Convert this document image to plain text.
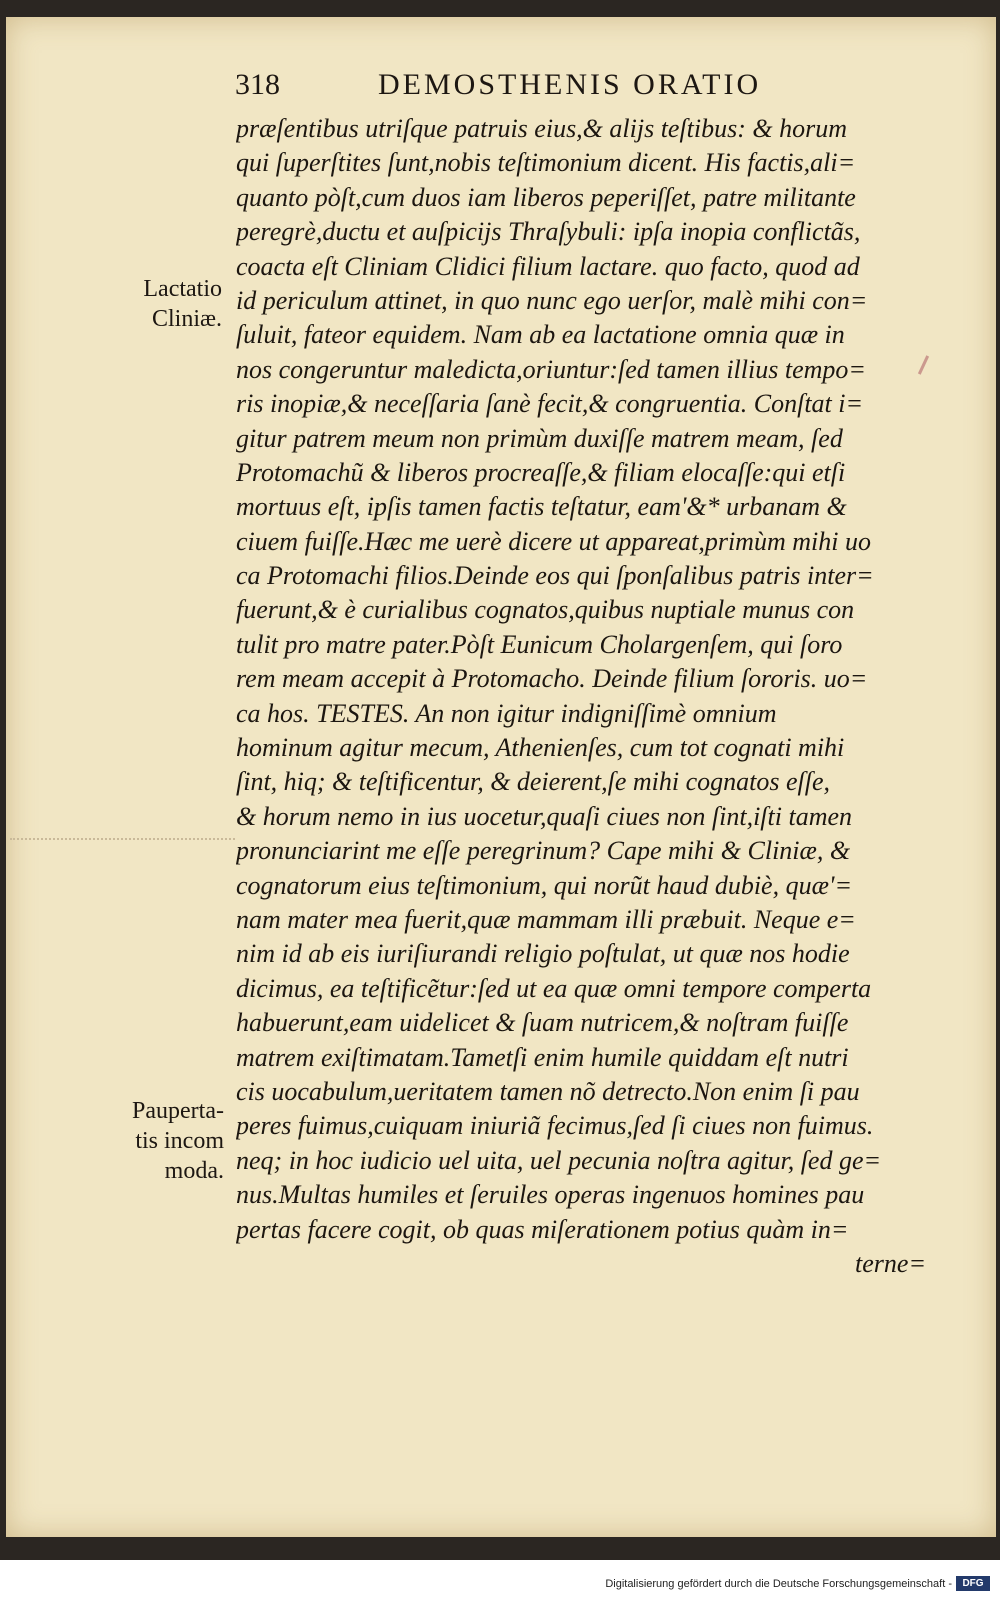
318	DEMOSTHENIS ORATIO
Lactatio
Cliniæ.
Pauperta-
tis incom
moda.
præſentibus utriſque patruis eius,& alijs teſtibus: & horum
qui ſuperſtites ſunt,nobis teſtimonium dicent. His factis,ali=
quanto pòſt,cum duos iam liberos peperiſſet, patre militante
peregrè,ductu et auſpicijs Thraſybuli: ipſa inopia conflictãs,
coacta eſt Cliniam Clidici filium lactare. quo facto, quod ad
id periculum attinet, in quo nunc ego uerſor, malè mihi con=
ſuluit, fateor equidem. Nam ab ea lactatione omnia quæ in
nos congeruntur maledicta,oriuntur:ſed tamen illius tempo=
ris inopiæ,& neceſſaria ſanè fecit,& congruentia. Conſtat i=
gitur patrem meum non primùm duxiſſe matrem meam, ſed
Protomachũ & liberos procreaſſe,& filiam elocaſſe:qui etſi
mortuus eſt, ipſis tamen factis teſtatur, eam'&* urbanam &
ciuem fuiſſe.Hæc me uerè dicere ut appareat,primùm mihi uo
ca Protomachi filios.Deinde eos qui ſponſalibus patris inter=
fuerunt,& è curialibus cognatos,quibus nuptiale munus con
tulit pro matre pater.Pòſt Eunicum Cholargenſem, qui ſoro
rem meam accepit à Protomacho. Deinde filium ſororis. uo=
ca hos. TESTES. An non igitur indigniſſimè omnium
hominum agitur mecum, Athenienſes, cum tot cognati mihi
ſint, hiq; & teſtificentur, & deierent,ſe mihi cognatos eſſe,
& horum nemo in ius uocetur,quaſi ciues non ſint,iſti tamen
pronunciarint me eſſe peregrinum? Cape mihi & Cliniæ, &
cognatorum eius teſtimonium, qui norũt haud dubiè, quæ'=
nam mater mea fuerit,quæ mammam illi præbuit. Neque e=
nim id ab eis iuriſiurandi religio poſtulat, ut quæ nos hodie
dicimus, ea teſtificẽtur:ſed ut ea quæ omni tempore comperta
habuerunt,eam uidelicet & ſuam nutricem,& noſtram fuiſſe
matrem exiſtimatam.Tametſi enim humile quiddam eſt nutri
cis uocabulum,ueritatem tamen nõ detrecto.Non enim ſi pau
peres fuimus,cuiquam iniuriã fecimus,ſed ſi ciues non fuimus.
neq; in hoc iudicio uel uita, uel pecunia noſtra agitur, ſed ge=
nus.Multas humiles et ſeruiles operas ingenuos homines pau
pertas facere cogit, ob quas miſerationem potius quàm in=
terne=
Digitalisierung gefördert durch die Deutsche Forschungsgemeinschaft -	DFG
